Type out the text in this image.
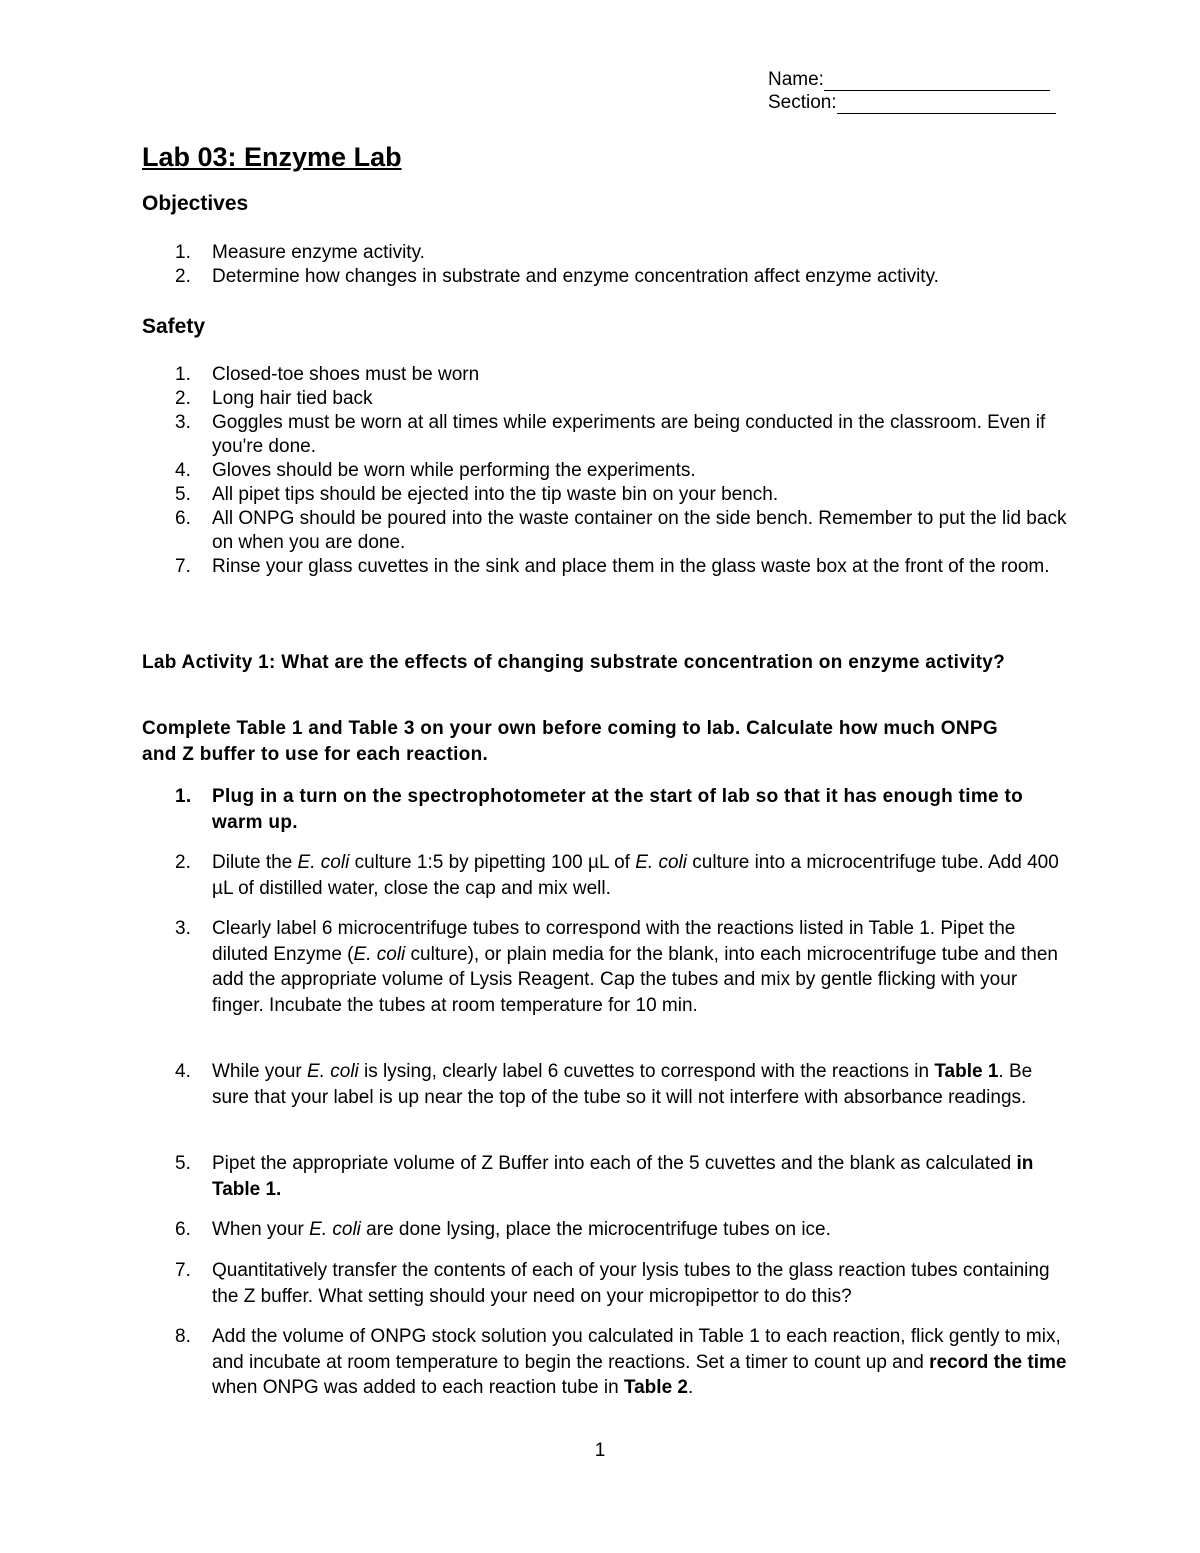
Name:
Section:
Lab 03: Enzyme Lab
Objectives
1. Measure enzyme activity.
2. Determine how changes in substrate and enzyme concentration affect enzyme activity.
Safety
1. Closed-toe shoes must be worn
2. Long hair tied back
3. Goggles must be worn at all times while experiments are being conducted in the classroom. Even if you're done.
4. Gloves should be worn while performing the experiments.
5. All pipet tips should be ejected into the tip waste bin on your bench.
6. All ONPG should be poured into the waste container on the side bench. Remember to put the lid back on when you are done.
7. Rinse your glass cuvettes in the sink and place them in the glass waste box at the front of the room.
Lab Activity 1: What are the effects of changing substrate concentration on enzyme activity?
Complete Table 1 and Table 3 on your own before coming to lab. Calculate how much ONPG and Z buffer to use for each reaction.
1. Plug in a turn on the spectrophotometer at the start of lab so that it has enough time to warm up.
2. Dilute the E. coli culture 1:5 by pipetting 100 µL of E. coli culture into a microcentrifuge tube. Add 400 µL of distilled water, close the cap and mix well.
3. Clearly label 6 microcentrifuge tubes to correspond with the reactions listed in Table 1. Pipet the diluted Enzyme (E. coli culture), or plain media for the blank, into each microcentrifuge tube and then add the appropriate volume of Lysis Reagent. Cap the tubes and mix by gentle flicking with your finger. Incubate the tubes at room temperature for 10 min.
4. While your E. coli is lysing, clearly label 6 cuvettes to correspond with the reactions in Table 1. Be sure that your label is up near the top of the tube so it will not interfere with absorbance readings.
5. Pipet the appropriate volume of Z Buffer into each of the 5 cuvettes and the blank as calculated in Table 1.
6. When your E. coli are done lysing, place the microcentrifuge tubes on ice.
7. Quantitatively transfer the contents of each of your lysis tubes to the glass reaction tubes containing the Z buffer. What setting should your need on your micropipettor to do this?
8. Add the volume of ONPG stock solution you calculated in Table 1 to each reaction, flick gently to mix, and incubate at room temperature to begin the reactions. Set a timer to count up and record the time when ONPG was added to each reaction tube in Table 2.
1
